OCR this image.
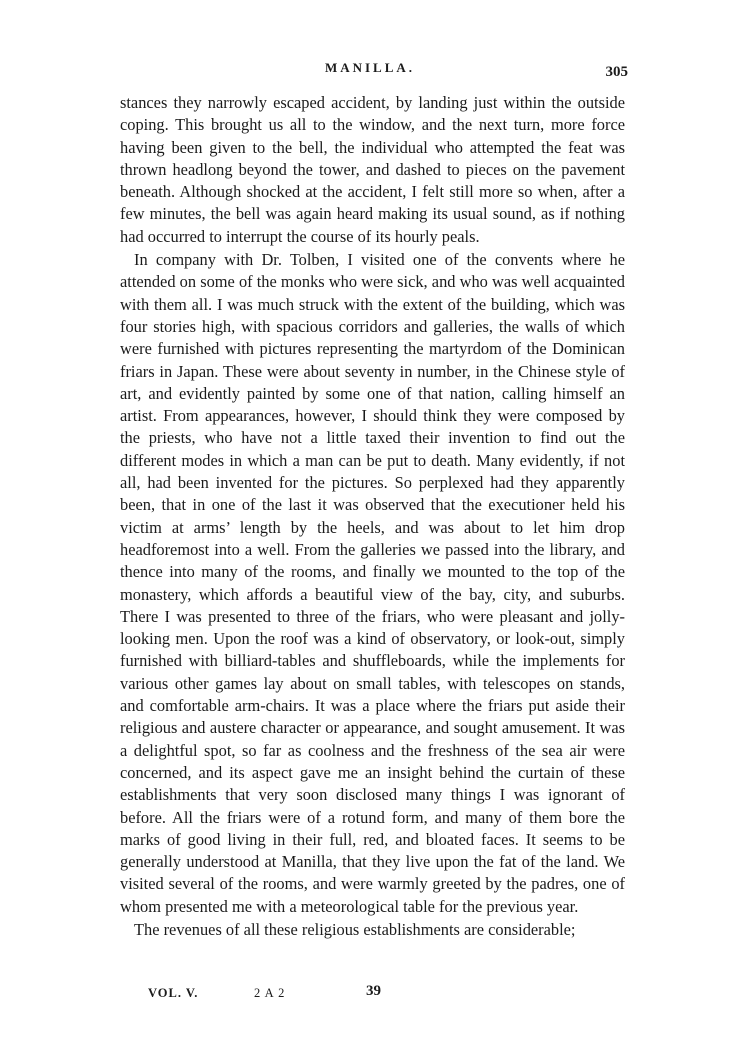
MANILLA.	305

stances they narrowly escaped accident, by landing just within the outside coping. This brought us all to the window, and the next turn, more force having been given to the bell, the individual who attempted the feat was thrown headlong beyond the tower, and dashed to pieces on the pavement beneath. Although shocked at the accident, I felt still more so when, after a few minutes, the bell was again heard making its usual sound, as if nothing had occurred to interrupt the course of its hourly peals.

In company with Dr. Tolben, I visited one of the convents where he attended on some of the monks who were sick, and who was well acquainted with them all. I was much struck with the extent of the building, which was four stories high, with spacious corridors and galleries, the walls of which were furnished with pictures representing the martyrdom of the Dominican friars in Japan. These were about seventy in number, in the Chinese style of art, and evidently painted by some one of that nation, calling himself an artist. From appearances, however, I should think they were composed by the priests, who have not a little taxed their invention to find out the different modes in which a man can be put to death. Many evidently, if not all, had been invented for the pictures. So perplexed had they apparently been, that in one of the last it was observed that the executioner held his victim at arms’ length by the heels, and was about to let him drop headforemost into a well. From the galleries we passed into the library, and thence into many of the rooms, and finally we mounted to the top of the monastery, which affords a beautiful view of the bay, city, and suburbs. There I was presented to three of the friars, who were pleasant and jolly-looking men. Upon the roof was a kind of observatory, or look-out, simply furnished with billiard-tables and shuffleboards, while the implements for various other games lay about on small tables, with telescopes on stands, and comfortable arm-chairs. It was a place where the friars put aside their religious and austere character or appearance, and sought amusement. It was a delightful spot, so far as coolness and the freshness of the sea air were concerned, and its aspect gave me an insight behind the curtain of these establishments that very soon disclosed many things I was ignorant of before. All the friars were of a rotund form, and many of them bore the marks of good living in their full, red, and bloated faces. It seems to be generally understood at Manilla, that they live upon the fat of the land. We visited several of the rooms, and were warmly greeted by the padres, one of whom presented me with a meteorological table for the previous year.

The revenues of all these religious establishments are considerable;

VOL. V.	2 A 2	39
